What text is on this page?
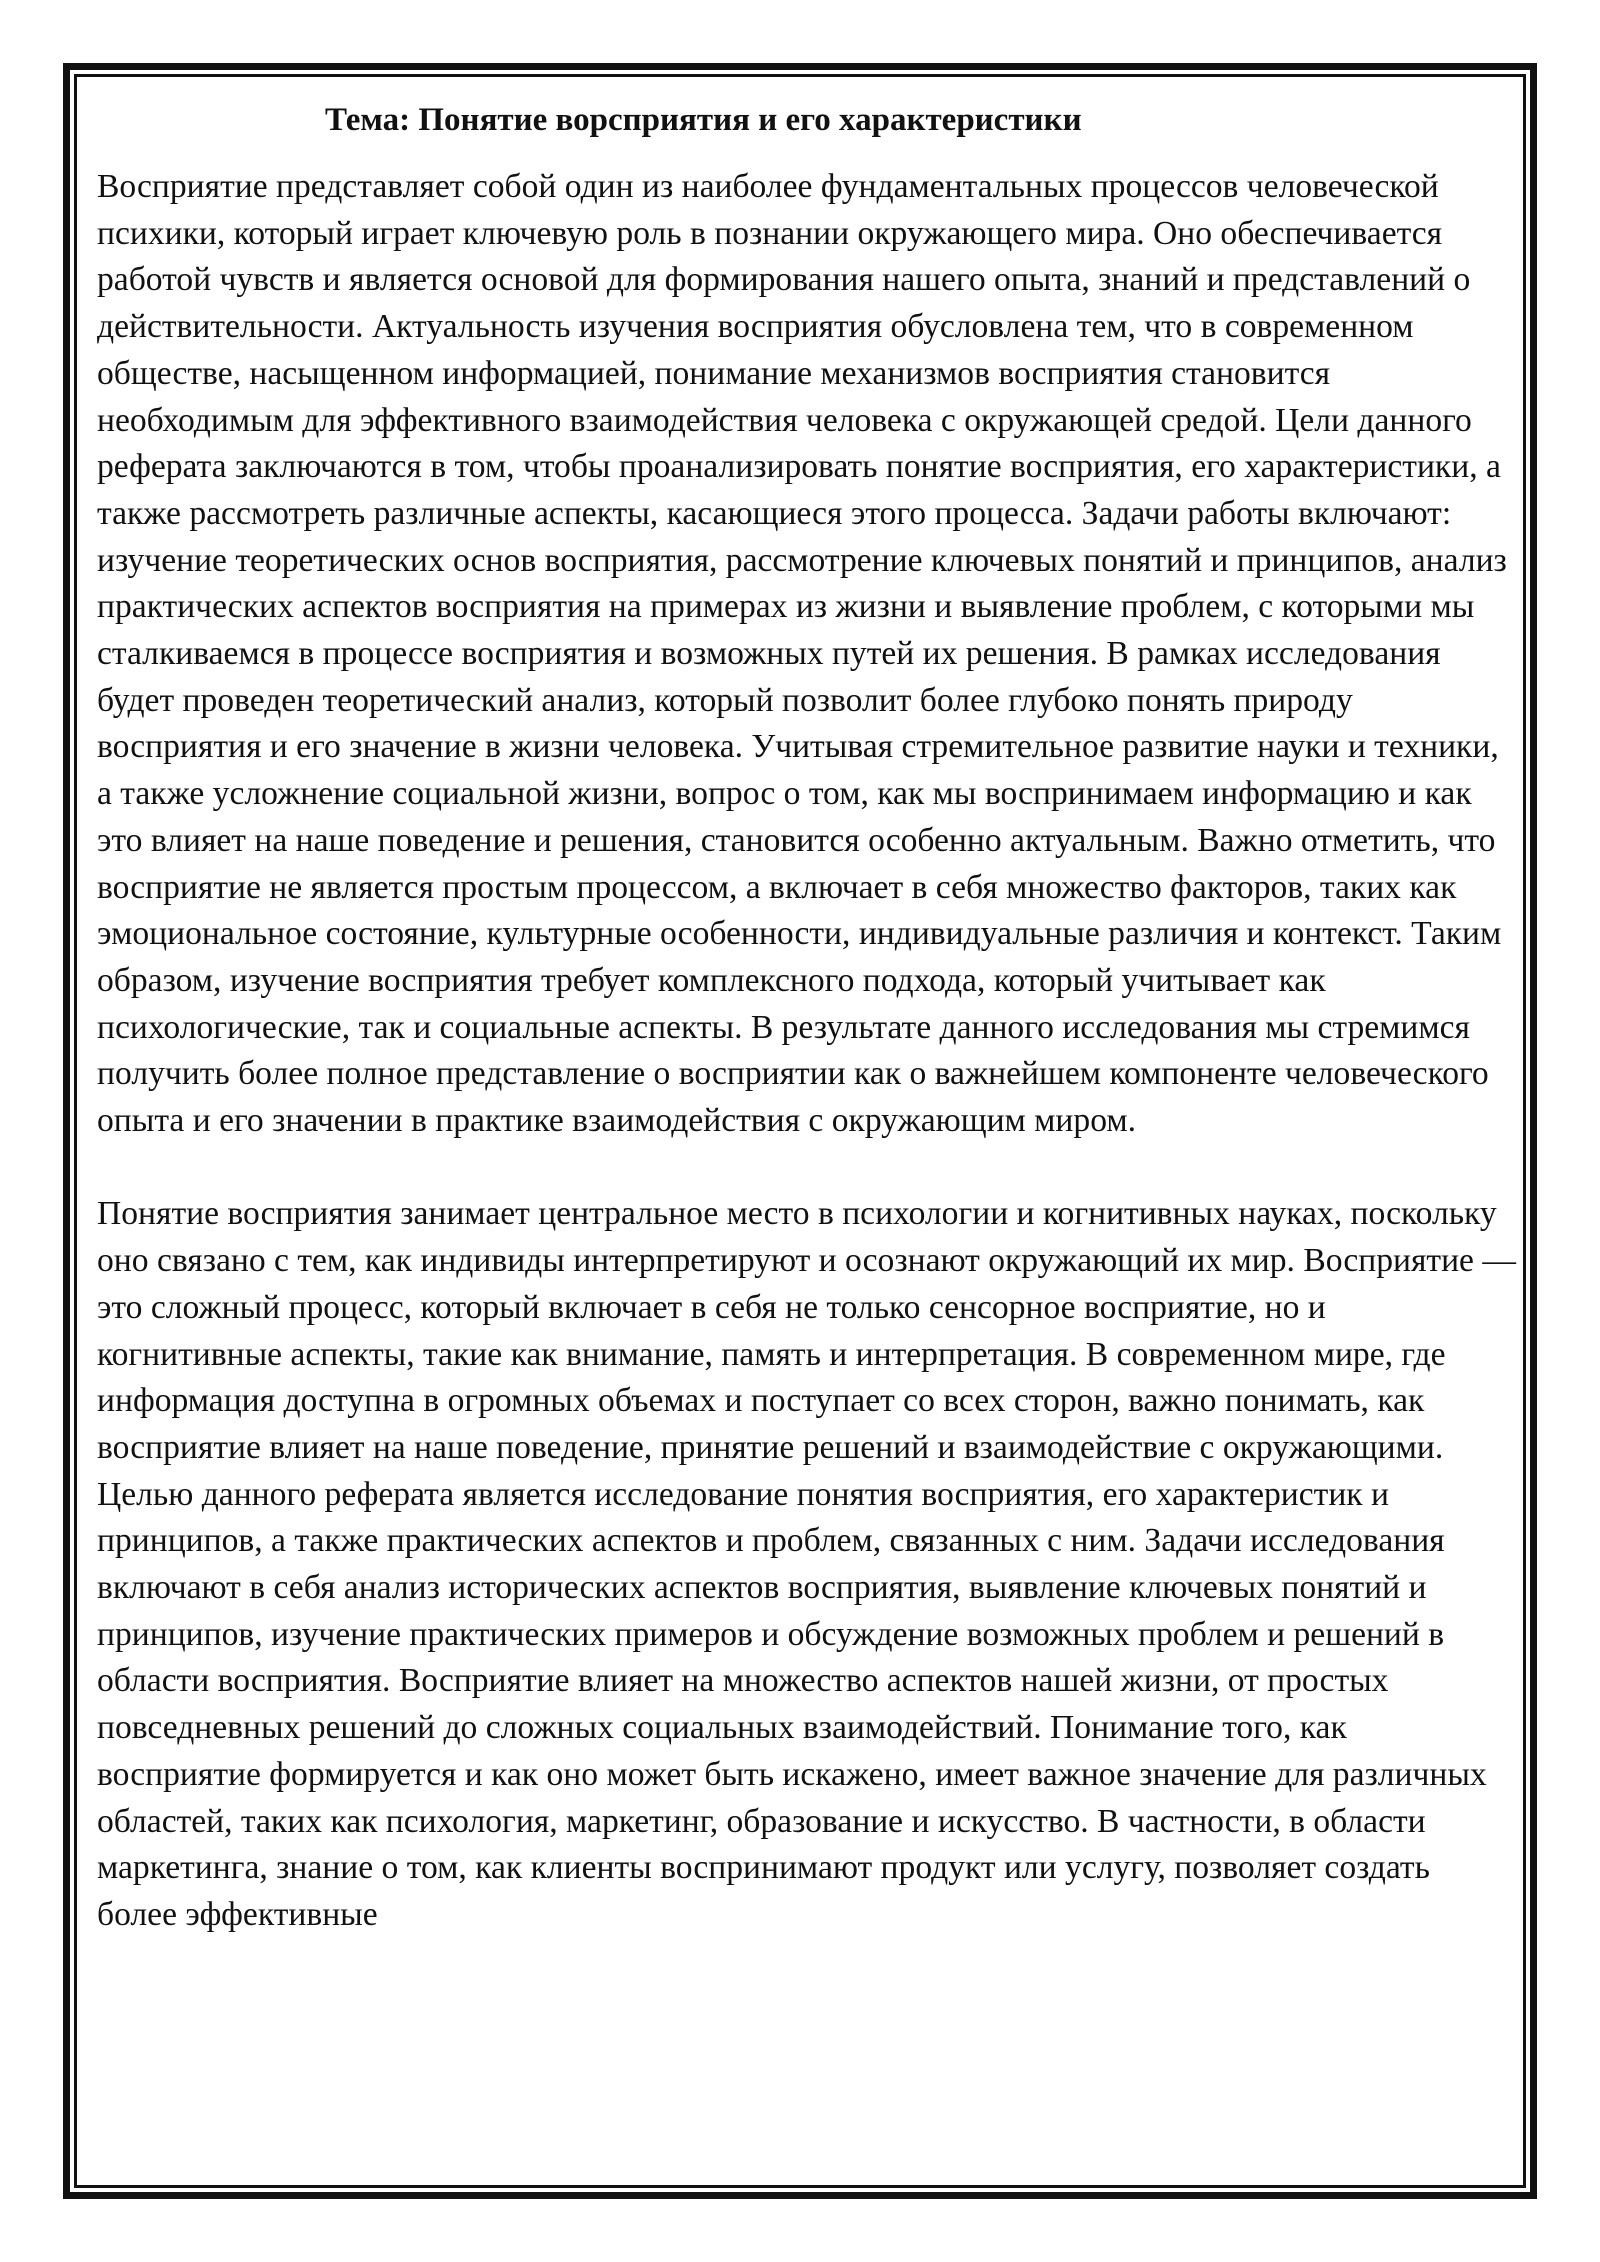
Тема: Понятие ворсприятия и его характеристики

Восприятие представляет собой один из наиболее фундаментальных процессов человеческой психики, который играет ключевую роль в познании окружающего мира. Оно обеспечивается работой чувств и является основой для формирования нашего опыта, знаний и представлений о действительности. Актуальность изучения восприятия обусловлена тем, что в современном обществе, насыщенном информацией, понимание механизмов восприятия становится необходимым для эффективного взаимодействия человека с окружающей средой. Цели данного реферата заключаются в том, чтобы проанализировать понятие восприятия, его характеристики, а также рассмотреть различные аспекты, касающиеся этого процесса. Задачи работы включают: изучение теоретических основ восприятия, рассмотрение ключевых понятий и принципов, анализ практических аспектов восприятия на примерах из жизни и выявление проблем, с которыми мы сталкиваемся в процессе восприятия и возможных путей их решения. В рамках исследования будет проведен теоретический анализ, который позволит более глубоко понять природу восприятия и его значение в жизни человека. Учитывая стремительное развитие науки и техники, а также усложнение социальной жизни, вопрос о том, как мы воспринимаем информацию и как это влияет на наше поведение и решения, становится особенно актуальным. Важно отметить, что восприятие не является простым процессом, а включает в себя множество факторов, таких как эмоциональное состояние, культурные особенности, индивидуальные различия и контекст. Таким образом, изучение восприятия требует комплексного подхода, который учитывает как психологические, так и социальные аспекты. В результате данного исследования мы стремимся получить более полное представление о восприятии как о важнейшем компоненте человеческого опыта и его значении в практике взаимодействия с окружающим миром.

Понятие восприятия занимает центральное место в психологии и когнитивных науках, поскольку оно связано с тем, как индивиды интерпретируют и осознают окружающий их мир. Восприятие — это сложный процесс, который включает в себя не только сенсорное восприятие, но и когнитивные аспекты, такие как внимание, память и интерпретация. В современном мире, где информация доступна в огромных объемах и поступает со всех сторон, важно понимать, как восприятие влияет на наше поведение, принятие решений и взаимодействие с окружающими. Целью данного реферата является исследование понятия восприятия, его характеристик и принципов, а также практических аспектов и проблем, связанных с ним. Задачи исследования включают в себя анализ исторических аспектов восприятия, выявление ключевых понятий и принципов, изучение практических примеров и обсуждение возможных проблем и решений в области восприятия. Восприятие влияет на множество аспектов нашей жизни, от простых повседневных решений до сложных социальных взаимодействий. Понимание того, как восприятие формируется и как оно может быть искажено, имеет важное значение для различных областей, таких как психология, маркетинг, образование и искусство. В частности, в области маркетинга, знание о том, как клиенты воспринимают продукт или услугу, позволяет создать более эффективные
